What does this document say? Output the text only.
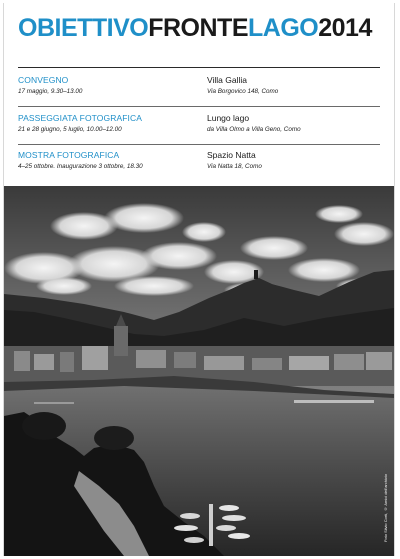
OBIETTIVOFRONTELAGO2014
CONVEGNO
17 maggio, 9.30–13.00
Villa Gallia
Via Borgovico 148, Como
PASSEGGIATA FOTOGRAFICA
21 e 28 giugno, 5 luglio, 10.00–12.00
Lungo lago
da Villa Olmo a Villa Geno, Como
MOSTRA FOTOGRAFICA
4–25 ottobre. Inaugurazione 3 ottobre, 18.30
Spazio Natta
Via Natta 18, Como
Foto Silvio Corti, © Amici dell'archivio
